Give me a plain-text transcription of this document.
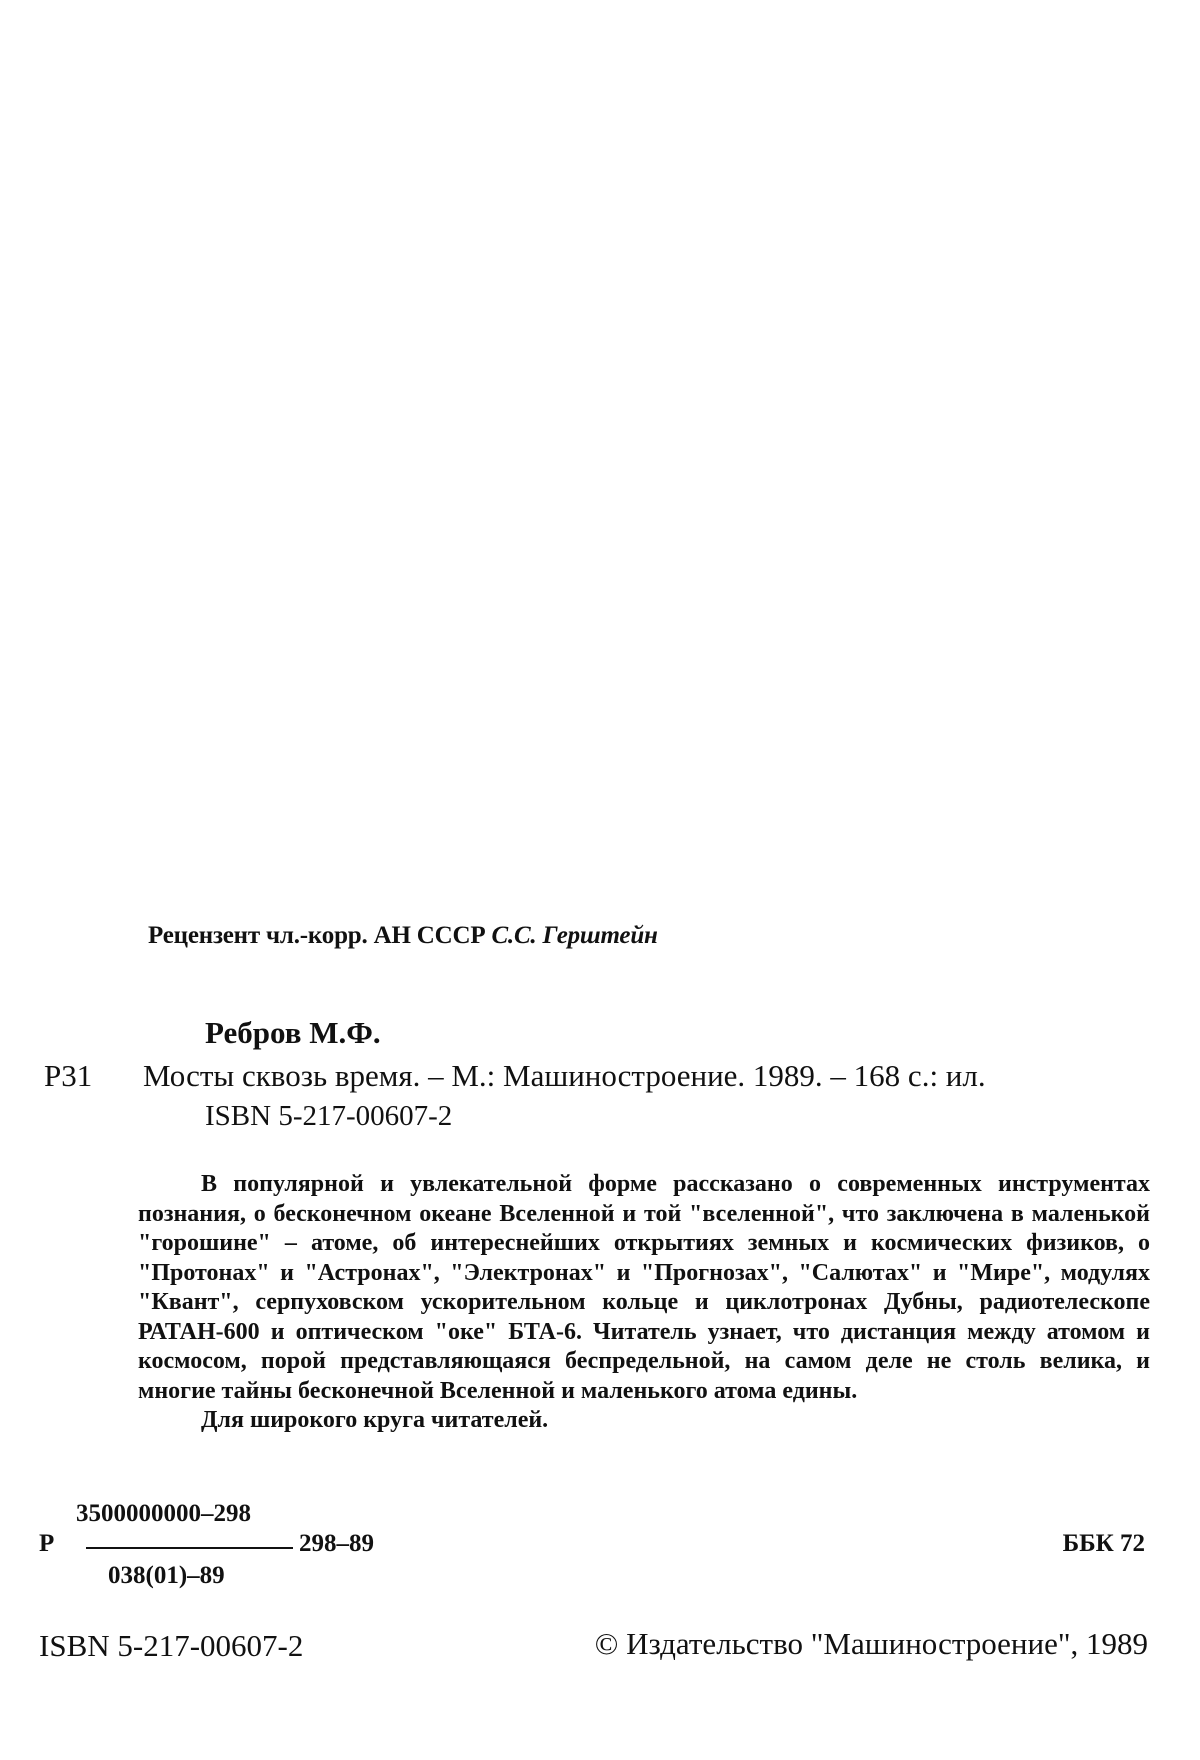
Рецензент чл.-корр. АН СССР С.С. Герштейн
Ребров М.Ф.
Р31 Мосты сквозь время. – М.: Машиностроение. 1989. – 168 с.: ил.
ISBN 5-217-00607-2

В популярной и увлекательной форме рассказано о современных инструментах познания, о бесконечном океане Вселенной и той "вселенной", что заключена в маленькой "горошине" – атоме, об интереснейших открытиях земных и космических физиков, о "Протонах" и "Астронах", "Электронах" и "Прогнозах", "Салютах" и "Мире", модулях "Квант", серпуховском ускорительном кольце и циклотронах Дубны, радиотелескопе РАТАН-600 и оптическом "оке" БТА-6. Читатель узнает, что дистанция между атомом и космосом, порой представляющаяся беспредельной, на самом деле не столь велика, и многие тайны бесконечной Вселенной и маленького атома едины.

Для широкого круга читателей.

Р
3500000000–298
038(01)–89
298–89	ББК 72
ISBN 5-217-00607-2	© Издательство "Машиностроение", 1989
